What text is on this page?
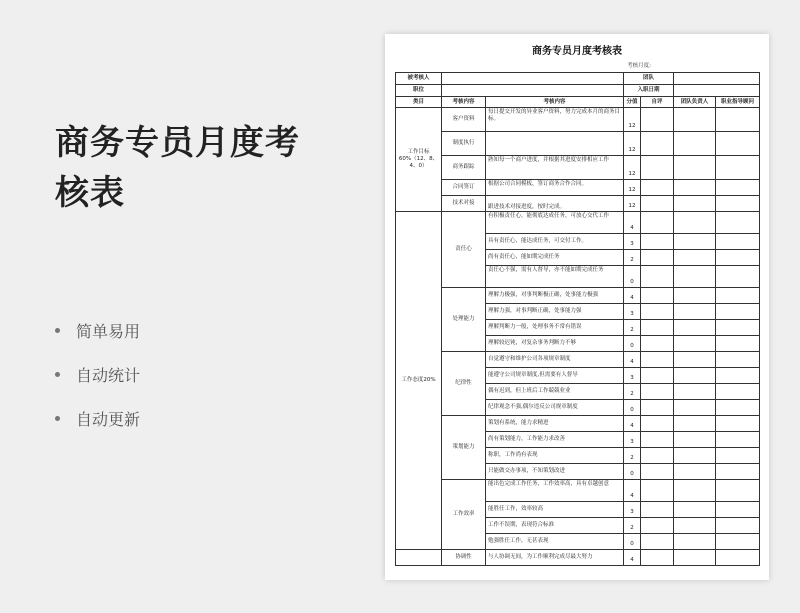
商务专员月度考
核表
简单易用
自动统计
自动更新
商务专员月度考核表
考核月度:
被考核人			团队			
职位			入职日期			
类目	考核内容	考核内容	分值	自评	团队负责人	职业指导顾问
工作目标60%（12、8、4、0）	客户资料	每日提交开发的异业客户资料，努力完成本月的商务目标。	12			
	制度执行		12			
	商务跟踪	熟知每一个商户进度，并根据其进度安排相应工作	12			
	合同签订	根据公司合同模板，签订商务合作合同。	12			
	技术对接	跟进技术对接进度，按时完成。	12			
工作态度20%	责任心	有积极责任心，能彻底达成任务，可放心交代工作	4			
		具有责任心，能达成任务，可交付工作。	3			
		尚有责任心，能如期完成任务	2			
		责任心不强，需有人督导，亦不能如期完成任务	0			
	处理能力	理解力极强，对事判断极正确，处事能力极强	4			
		理解力强，对事判断正确，处事能力强	3			
		理解判断力一般，处理事务不常有错误	2			
		理解较迟钝，对复杂事务判断力不够	0			
	纪律性	自觉遵守和维护公司各项规章制度	4			
		能遵守公司规章制度,但需要有人督导	3			
		偶有迟到，但上班后工作兢兢业业	2			
		纪律观念不强,偶尔违反公司规章制度	0			
	策划能力	策划有系统，能力求精进	4			
		尚有策划能力，工作能力求改善	3			
		称职，工作尚有表现	2			
		只能做交办事项，不知策划改进	0			
	工作效率	能出色完成工作任务，工作效率高，具有卓越创意	4			
		能胜任工作，效率较高	3			
		工作不误期，表现符合标准	2			
		勉强胜任工作，无甚表现	0			
	协调性	与人协调无间，为工作顺利完成尽最大努力	4			
